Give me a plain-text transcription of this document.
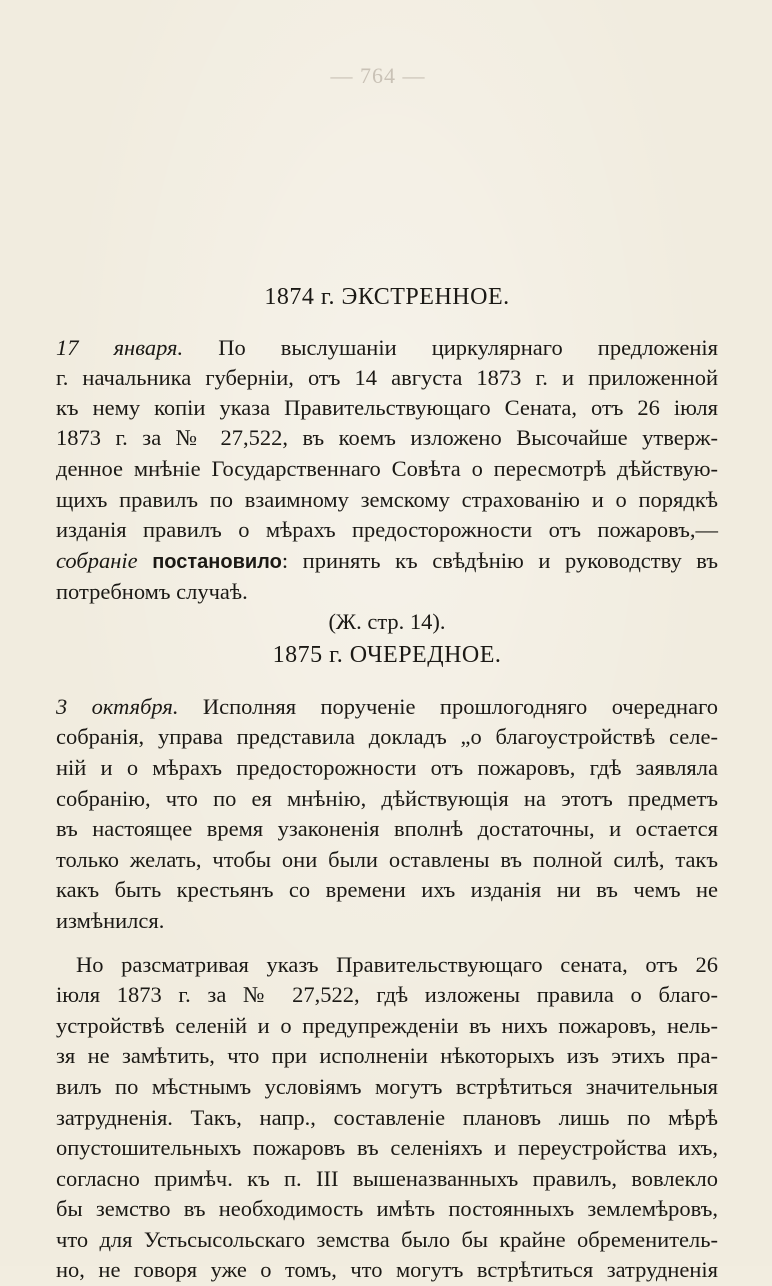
— 764 —
1874 г. ЭКСТРЕННОЕ.
17 января. По выслушаніи циркулярнаго предложенія
г. начальника губерніи, отъ 14 августа 1873 г. и приложенной
къ нему копіи указа Правительствующаго Сената, отъ 26 іюля
1873 г. за № 27,522, въ коемъ изложено Высочайше утверж-
денное мнѣніе Государственнаго Совѣта о пересмотрѣ дѣйствую-
щихъ правилъ по взаимному земскому страхованію и о порядкѣ
изданія правилъ о мѣрахъ предосторожности отъ пожаровъ,—
собраніе постановило: принять къ свѣдѣнію и руководству въ
потребномъ случаѣ.
(Ж. стр. 14).
1875 г. ОЧЕРЕДНОЕ.
3 октября. Исполняя порученіе прошлогодняго очереднаго
собранія, управа представила докладъ „о благоустройствѣ селе-
ній и о мѣрахъ предосторожности отъ пожаровъ, гдѣ заявляла
собранію, что по ея мнѣнію, дѣйствующія на этотъ предметъ
въ настоящее время узаконенія вполнѣ достаточны, и остается
только желать, чтобы они были оставлены въ полной силѣ, такъ
какъ быть крестьянъ со времени ихъ изданія ни въ чемъ не
измѣнился.
Но разсматривая указъ Правительствующаго сената, отъ 26
іюля 1873 г. за № 27,522, гдѣ изложены правила о благо-
устройствѣ селеній и о предупрежденіи въ нихъ пожаровъ, нель-
зя не замѣтить, что при исполненіи нѣкоторыхъ изъ этихъ пра-
вилъ по мѣстнымъ условіямъ могутъ встрѣтиться значительныя
затрудненія. Такъ, напр., составленіе плановъ лишь по мѣрѣ
опустошительныхъ пожаровъ въ селеніяхъ и переустройства ихъ,
согласно примѣч. къ п. III вышеназванныхъ правилъ, вовлекло
бы земство въ необходимость имѣть постоянныхъ землемѣровъ,
что для Устьсысольскаго земства было бы крайне обременитель-
но, не говоря уже о томъ, что могутъ встрѣтиться затрудненія
